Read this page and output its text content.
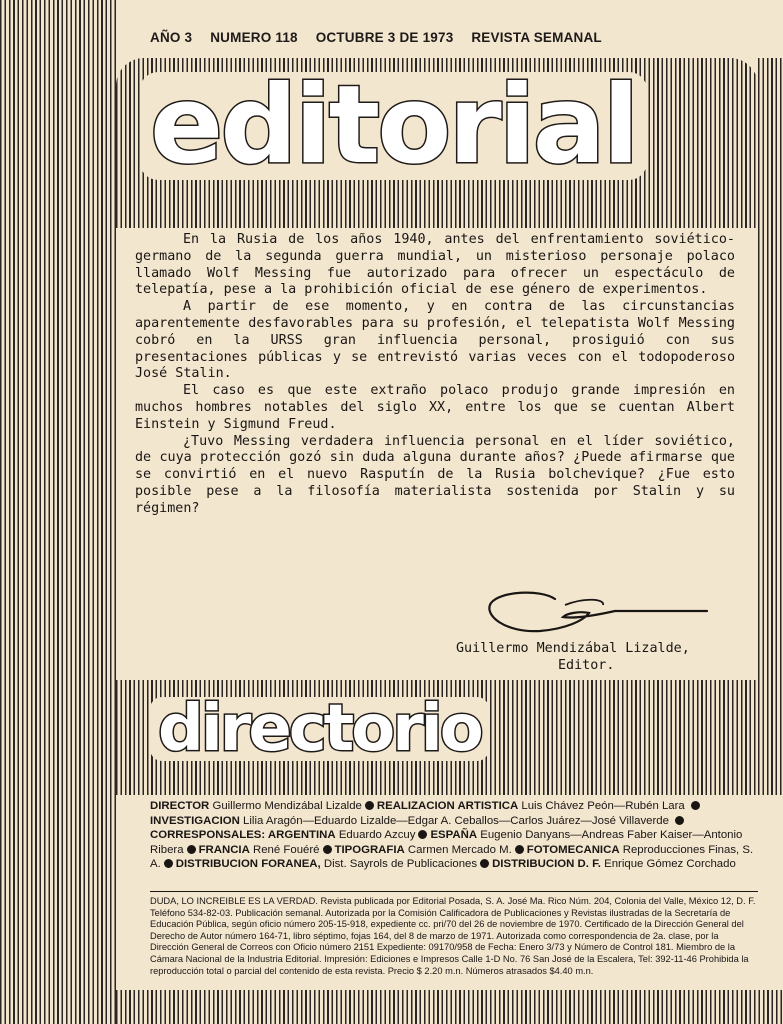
AÑO 3 NUMERO 118 OCTUBRE 3 DE 1973 REVISTA SEMANAL
editorial

En la Rusia de los años 1940, antes del enfrentamiento soviético-germano de la segunda guerra mundial, un misterioso personaje polaco llamado Wolf Messing fue autorizado para ofrecer un espectáculo de telepatía, pese a la prohibición oficial de ese género de experimentos.

A partir de ese momento, y en contra de las circunstancias aparentemente desfavorables para su profesión, el telepatista Wolf Messing cobró en la URSS gran influencia personal, prosiguió con sus presentaciones públicas y se entrevistó varias veces con el todopoderoso José Stalin.

El caso es que este extraño polaco produjo grande impresión en muchos hombres notables del siglo XX, entre los que se cuentan Albert Einstein y Sigmund Freud.

¿Tuvo Messing verdadera influencia personal en el líder soviético, de cuya protección gozó sin duda alguna durante años? ¿Puede afirmarse que se convirtió en el nuevo Rasputín de la Rusia bolchevique? ¿Fue esto posible pese a la filosofía materialista sostenida por Stalin y su régimen?

Guillermo Mendizábal Lizalde,
Editor.
directorio
DIRECTOR Guillermo Mendizábal Lizalde REALIZACION ARTISTICA Luis Chávez Peón—Rubén Lara INVESTIGACION Lilia Aragón—Eduardo Lizalde—Edgar A. Ceballos—Carlos Juárez—José Villaverde CORRESPONSALES: ARGENTINA Eduardo Azcuy ESPAÑA Eugenio Danyans—Andreas Faber Kaiser—Antonio Ribera FRANCIA René Fouéré TIPOGRAFIA Carmen Mercado M. FOTOMECANICA Reproducciones Finas, S. A. DISTRIBUCION FORANEA, Dist. Sayrols de Publicaciones DISTRIBUCION D. F. Enrique Gómez Corchado
DUDA, LO INCREIBLE ES LA VERDAD. Revista publicada por Editorial Posada, S. A. José Ma. Rico Núm. 204, Colonia del Valle, México 12, D. F. Teléfono 534-82-03. Publicación semanal. Autorizada por la Comisión Calificadora de Publicaciones y Revistas ilustradas de la Secretaría de Educación Pública, según oficio número 205-15-918, expediente cc. pri/70 del 26 de noviembre de 1970. Certificado de la Dirección General del Derecho de Autor número 164-71, libro séptimo, fojas 164, del 8 de marzo de 1971. Autorizada como correspondencia de 2a. clase, por la Dirección General de Correos con Oficio número 2151 Expediente: 09170/958 de Fecha: Enero 3/73 y Número de Control 181. Miembro de la Cámara Nacional de la Industria Editorial. Impresión: Ediciones e Impresos Calle 1-D No. 76 San José de la Escalera, Tel: 392-11-46 Prohibida la reproducción total o parcial del contenido de esta revista. Precio $ 2.20 m.n. Números atrasados $4.40 m.n.
